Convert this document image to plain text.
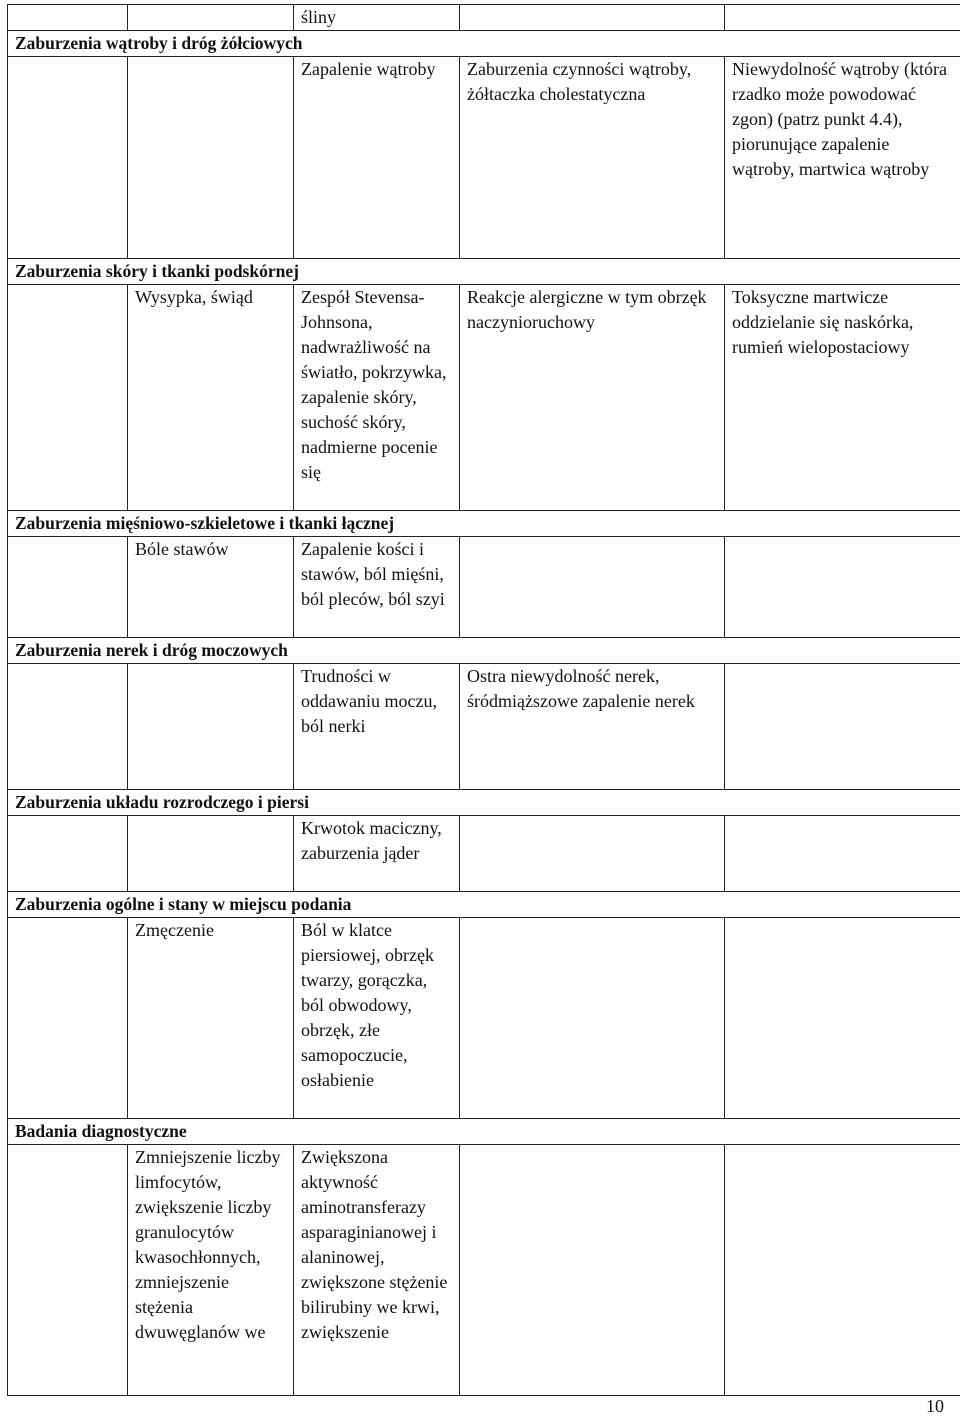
		śliny		
Zaburzenia wątroby i dróg żółciowych				
		Zapalenie wątroby	Zaburzenia czynności wątroby, żółtaczka cholestatyczna	Niewydolność wątroby (która rzadko może powodować zgon) (patrz punkt 4.4), piorunujące zapalenie wątroby, martwica wątroby
Zaburzenia skóry i tkanki podskórnej				
	Wysypka, świąd	Zespół Stevensa-Johnsona, nadwrażliwość na światło, pokrzywka, zapalenie skóry, suchość skóry, nadmierne pocenie się	Reakcje alergiczne w tym obrzęk naczynioruchowy	Toksyczne martwicze oddzielanie się naskórka, rumień wielopostaciowy
Zaburzenia mięśniowo-szkieletowe i tkanki łącznej				
	Bóle stawów	Zapalenie kości i stawów, ból mięśni, ból pleców, ból szyi		
Zaburzenia nerek i dróg moczowych				
		Trudności w oddawaniu moczu, ból nerki	Ostra niewydolność nerek, śródmiąższowe zapalenie nerek	
Zaburzenia układu rozrodczego i piersi				
		Krwotok maciczny, zaburzenia jąder		
Zaburzenia ogólne i stany w miejscu podania				
	Zmęczenie	Ból w klatce piersiowej, obrzęk twarzy, gorączka, ból obwodowy, obrzęk, złe samopoczucie, osłabienie		
Badania diagnostyczne				
	Zmniejszenie liczby limfocytów, zwiększenie liczby granulocytów kwasochłonnych, zmniejszenie stężenia dwuwęglanów we	Zwiększona aktywność aminotransferazy asparaginianowej i alaninowej, zwiększone stężenie bilirubiny we krwi, zwiększenie		
10
